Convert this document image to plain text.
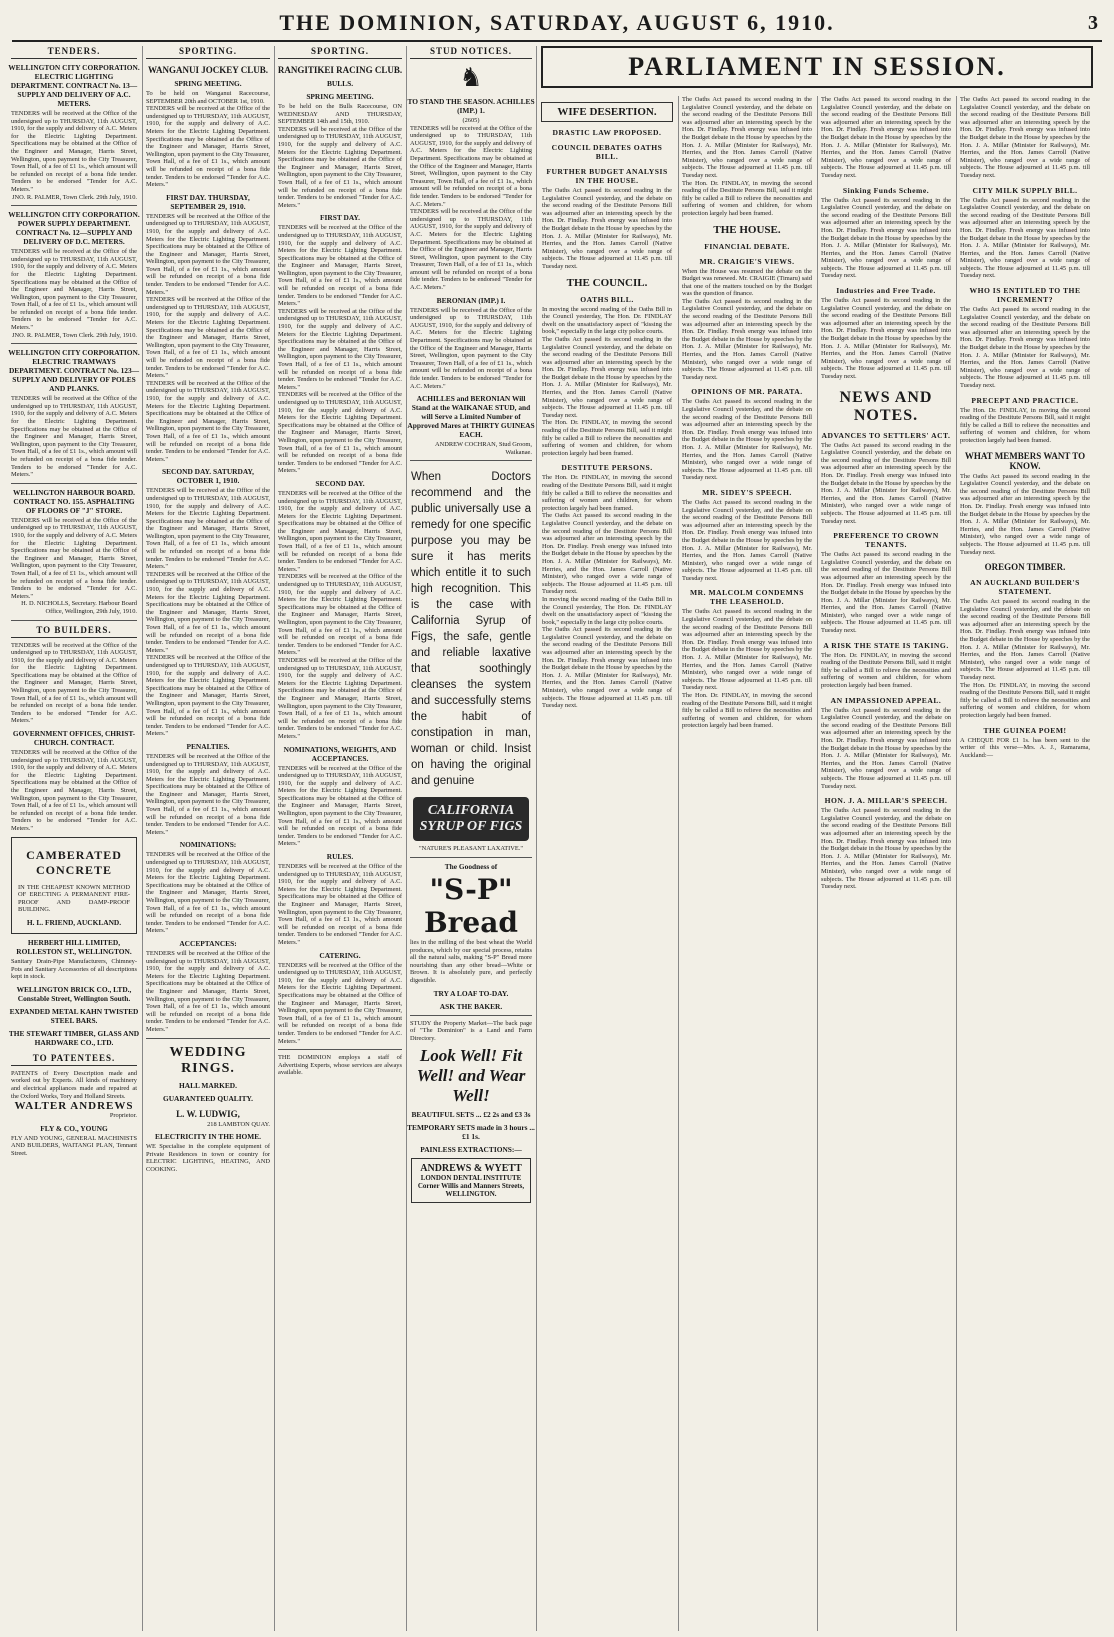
THE DOMINION, SATURDAY, AUGUST 6, 1910.	3
TENDERS.
WELLINGTON CITY CORPORATION. ELECTRIC LIGHTING DEPARTMENT. CONTRACT No. 13—SUPPLY AND DELIVERY OF A.C. METERS.
TENDERS will be received at the Office of the undersigned up to THURSDAY, 11th AUGUST, 1910, for the supply and delivery of A.C. Meters for the Electric Lighting Department. Specifications may be obtained at the Office of the Engineer and Manager, Harris Street, Wellington, upon payment to the City Treasurer, Town Hall, of a fee of £1 1s., which amount will be refunded on receipt of a bona fide tender. Tenders to be endorsed "Tender for A.C. Meters."
JNO. R. PALMER, Town Clerk. 29th July, 1910.
WELLINGTON CITY CORPORATION. POWER SUPPLY DEPARTMENT. CONTRACT No. 12—SUPPLY AND DELIVERY OF D.C. METERS.
TENDERS will be received at the Office of the undersigned up to THURSDAY, 11th AUGUST, 1910, for the supply and delivery of A.C. Meters for the Electric Lighting Department. Specifications may be obtained at the Office of the Engineer and Manager, Harris Street, Wellington, upon payment to the City Treasurer, Town Hall, of a fee of £1 1s., which amount will be refunded on receipt of a bona fide tender. Tenders to be endorsed "Tender for A.C. Meters."
JNO. R. PALMER, Town Clerk. 29th July, 1910.
WELLINGTON CITY CORPORATION. ELECTRIC TRAMWAYS DEPARTMENT. CONTRACT No. 123—SUPPLY AND DELIVERY OF POLES AND PLANKS.
TENDERS will be received at the Office of the undersigned up to THURSDAY, 11th AUGUST, 1910, for the supply and delivery of A.C. Meters for the Electric Lighting Department. Specifications may be obtained at the Office of the Engineer and Manager, Harris Street, Wellington, upon payment to the City Treasurer, Town Hall, of a fee of £1 1s., which amount will be refunded on receipt of a bona fide tender. Tenders to be endorsed "Tender for A.C. Meters."
WELLINGTON HARBOUR BOARD. CONTRACT NO. 155. ASPHALTING OF FLOORS OF "J" STORE.
TENDERS will be received at the Office of the undersigned up to THURSDAY, 11th AUGUST, 1910, for the supply and delivery of A.C. Meters for the Electric Lighting Department. Specifications may be obtained at the Office of the Engineer and Manager, Harris Street, Wellington, upon payment to the City Treasurer, Town Hall, of a fee of £1 1s., which amount will be refunded on receipt of a bona fide tender. Tenders to be endorsed "Tender for A.C. Meters."
H. D. NICHOLLS, Secretary. Harbour Board Office, Wellington, 29th July, 1910.
TO BUILDERS.
TENDERS will be received at the Office of the undersigned up to THURSDAY, 11th AUGUST, 1910, for the supply and delivery of A.C. Meters for the Electric Lighting Department. Specifications may be obtained at the Office of the Engineer and Manager, Harris Street, Wellington, upon payment to the City Treasurer, Town Hall, of a fee of £1 1s., which amount will be refunded on receipt of a bona fide tender. Tenders to be endorsed "Tender for A.C. Meters."
GOVERNMENT OFFICES, CHRIST-CHURCH. CONTRACT.
TENDERS will be received at the Office of the undersigned up to THURSDAY, 11th AUGUST, 1910, for the supply and delivery of A.C. Meters for the Electric Lighting Department. Specifications may be obtained at the Office of the Engineer and Manager, Harris Street, Wellington, upon payment to the City Treasurer, Town Hall, of a fee of £1 1s., which amount will be refunded on receipt of a bona fide tender. Tenders to be endorsed "Tender for A.C. Meters."
CAMBERATED CONCRETE
IN THE CHEAPEST KNOWN METHOD OF ERECTING A PERMANENT FIRE-PROOF AND DAMP-PROOF BUILDING.
H. L. FRIEND, AUCKLAND.
HERBERT HILL LIMITED, ROLLESTON ST., WELLINGTON.
Sanitary Drain-Pipe Manufacturers, Chimney-Pots and Sanitary Accessories of all descriptions kept in stock.
WELLINGTON BRICK CO., LTD., Constable Street, Wellington South.
EXPANDED METAL KAHN TWISTED STEEL BARS.
THE STEWART TIMBER, GLASS AND HARDWARE CO., LTD.
TO PATENTEES.
PATENTS of Every Description made and worked out by Experts. All kinds of machinery and electrical appliances made and repaired at the Oxford Works, Tory and Holland Streets.
WALTER ANDREWS
Proprietor.
FLY & CO., YOUNG
FLY AND YOUNG, GENERAL MACHINISTS AND BUILDERS, WAITANGI PLAN, Tennant Street.
SPORTING.
WANGANUI JOCKEY CLUB.
SPRING MEETING.
To be held on Wanganui Racecourse, SEPTEMBER 20th and OCTOBER 1st, 1910.
TENDERS will be received at the Office of the undersigned up to THURSDAY, 11th AUGUST, 1910, for the supply and delivery of A.C. Meters for the Electric Lighting Department. Specifications may be obtained at the Office of the Engineer and Manager, Harris Street, Wellington, upon payment to the City Treasurer, Town Hall, of a fee of £1 1s., which amount will be refunded on receipt of a bona fide tender. Tenders to be endorsed "Tender for A.C. Meters."
FIRST DAY. THURSDAY, SEPTEMBER 29, 1910.
TENDERS will be received at the Office of the undersigned up to THURSDAY, 11th AUGUST, 1910, for the supply and delivery of A.C. Meters for the Electric Lighting Department. Specifications may be obtained at the Office of the Engineer and Manager, Harris Street, Wellington, upon payment to the City Treasurer, Town Hall, of a fee of £1 1s., which amount will be refunded on receipt of a bona fide tender. Tenders to be endorsed "Tender for A.C. Meters."
TENDERS will be received at the Office of the undersigned up to THURSDAY, 11th AUGUST, 1910, for the supply and delivery of A.C. Meters for the Electric Lighting Department. Specifications may be obtained at the Office of the Engineer and Manager, Harris Street, Wellington, upon payment to the City Treasurer, Town Hall, of a fee of £1 1s., which amount will be refunded on receipt of a bona fide tender. Tenders to be endorsed "Tender for A.C. Meters."
TENDERS will be received at the Office of the undersigned up to THURSDAY, 11th AUGUST, 1910, for the supply and delivery of A.C. Meters for the Electric Lighting Department. Specifications may be obtained at the Office of the Engineer and Manager, Harris Street, Wellington, upon payment to the City Treasurer, Town Hall, of a fee of £1 1s., which amount will be refunded on receipt of a bona fide tender. Tenders to be endorsed "Tender for A.C. Meters."
SECOND DAY. SATURDAY, OCTOBER 1, 1910.
TENDERS will be received at the Office of the undersigned up to THURSDAY, 11th AUGUST, 1910, for the supply and delivery of A.C. Meters for the Electric Lighting Department. Specifications may be obtained at the Office of the Engineer and Manager, Harris Street, Wellington, upon payment to the City Treasurer, Town Hall, of a fee of £1 1s., which amount will be refunded on receipt of a bona fide tender. Tenders to be endorsed "Tender for A.C. Meters."
TENDERS will be received at the Office of the undersigned up to THURSDAY, 11th AUGUST, 1910, for the supply and delivery of A.C. Meters for the Electric Lighting Department. Specifications may be obtained at the Office of the Engineer and Manager, Harris Street, Wellington, upon payment to the City Treasurer, Town Hall, of a fee of £1 1s., which amount will be refunded on receipt of a bona fide tender. Tenders to be endorsed "Tender for A.C. Meters."
TENDERS will be received at the Office of the undersigned up to THURSDAY, 11th AUGUST, 1910, for the supply and delivery of A.C. Meters for the Electric Lighting Department. Specifications may be obtained at the Office of the Engineer and Manager, Harris Street, Wellington, upon payment to the City Treasurer, Town Hall, of a fee of £1 1s., which amount will be refunded on receipt of a bona fide tender. Tenders to be endorsed "Tender for A.C. Meters."
PENALTIES.
TENDERS will be received at the Office of the undersigned up to THURSDAY, 11th AUGUST, 1910, for the supply and delivery of A.C. Meters for the Electric Lighting Department. Specifications may be obtained at the Office of the Engineer and Manager, Harris Street, Wellington, upon payment to the City Treasurer, Town Hall, of a fee of £1 1s., which amount will be refunded on receipt of a bona fide tender. Tenders to be endorsed "Tender for A.C. Meters."
NOMINATIONS:
TENDERS will be received at the Office of the undersigned up to THURSDAY, 11th AUGUST, 1910, for the supply and delivery of A.C. Meters for the Electric Lighting Department. Specifications may be obtained at the Office of the Engineer and Manager, Harris Street, Wellington, upon payment to the City Treasurer, Town Hall, of a fee of £1 1s., which amount will be refunded on receipt of a bona fide tender. Tenders to be endorsed "Tender for A.C. Meters."
ACCEPTANCES:
TENDERS will be received at the Office of the undersigned up to THURSDAY, 11th AUGUST, 1910, for the supply and delivery of A.C. Meters for the Electric Lighting Department. Specifications may be obtained at the Office of the Engineer and Manager, Harris Street, Wellington, upon payment to the City Treasurer, Town Hall, of a fee of £1 1s., which amount will be refunded on receipt of a bona fide tender. Tenders to be endorsed "Tender for A.C. Meters."
WEDDING RINGS.
HALL MARKED.
GUARANTEED QUALITY.
L. W. LUDWIG,
218 LAMBTON QUAY.
ELECTRICITY IN THE HOME.
WE Specialise in the complete equipment of Private Residences in town or country for ELECTRIC LIGHTING, HEATING, AND COOKING.
SPORTING.
RANGITIKEI RACING CLUB.
BULLS.
SPRING MEETING.
To be held on the Bulls Racecourse, ON WEDNESDAY AND THURSDAY, SEPTEMBER 14th and 15th, 1910.
TENDERS will be received at the Office of the undersigned up to THURSDAY, 11th AUGUST, 1910, for the supply and delivery of A.C. Meters for the Electric Lighting Department. Specifications may be obtained at the Office of the Engineer and Manager, Harris Street, Wellington, upon payment to the City Treasurer, Town Hall, of a fee of £1 1s., which amount will be refunded on receipt of a bona fide tender. Tenders to be endorsed "Tender for A.C. Meters."
FIRST DAY.
TENDERS will be received at the Office of the undersigned up to THURSDAY, 11th AUGUST, 1910, for the supply and delivery of A.C. Meters for the Electric Lighting Department. Specifications may be obtained at the Office of the Engineer and Manager, Harris Street, Wellington, upon payment to the City Treasurer, Town Hall, of a fee of £1 1s., which amount will be refunded on receipt of a bona fide tender. Tenders to be endorsed "Tender for A.C. Meters."
TENDERS will be received at the Office of the undersigned up to THURSDAY, 11th AUGUST, 1910, for the supply and delivery of A.C. Meters for the Electric Lighting Department. Specifications may be obtained at the Office of the Engineer and Manager, Harris Street, Wellington, upon payment to the City Treasurer, Town Hall, of a fee of £1 1s., which amount will be refunded on receipt of a bona fide tender. Tenders to be endorsed "Tender for A.C. Meters."
TENDERS will be received at the Office of the undersigned up to THURSDAY, 11th AUGUST, 1910, for the supply and delivery of A.C. Meters for the Electric Lighting Department. Specifications may be obtained at the Office of the Engineer and Manager, Harris Street, Wellington, upon payment to the City Treasurer, Town Hall, of a fee of £1 1s., which amount will be refunded on receipt of a bona fide tender. Tenders to be endorsed "Tender for A.C. Meters."
SECOND DAY.
TENDERS will be received at the Office of the undersigned up to THURSDAY, 11th AUGUST, 1910, for the supply and delivery of A.C. Meters for the Electric Lighting Department. Specifications may be obtained at the Office of the Engineer and Manager, Harris Street, Wellington, upon payment to the City Treasurer, Town Hall, of a fee of £1 1s., which amount will be refunded on receipt of a bona fide tender. Tenders to be endorsed "Tender for A.C. Meters."
TENDERS will be received at the Office of the undersigned up to THURSDAY, 11th AUGUST, 1910, for the supply and delivery of A.C. Meters for the Electric Lighting Department. Specifications may be obtained at the Office of the Engineer and Manager, Harris Street, Wellington, upon payment to the City Treasurer, Town Hall, of a fee of £1 1s., which amount will be refunded on receipt of a bona fide tender. Tenders to be endorsed "Tender for A.C. Meters."
TENDERS will be received at the Office of the undersigned up to THURSDAY, 11th AUGUST, 1910, for the supply and delivery of A.C. Meters for the Electric Lighting Department. Specifications may be obtained at the Office of the Engineer and Manager, Harris Street, Wellington, upon payment to the City Treasurer, Town Hall, of a fee of £1 1s., which amount will be refunded on receipt of a bona fide tender. Tenders to be endorsed "Tender for A.C. Meters."
NOMINATIONS, WEIGHTS, AND ACCEPTANCES.
TENDERS will be received at the Office of the undersigned up to THURSDAY, 11th AUGUST, 1910, for the supply and delivery of A.C. Meters for the Electric Lighting Department. Specifications may be obtained at the Office of the Engineer and Manager, Harris Street, Wellington, upon payment to the City Treasurer, Town Hall, of a fee of £1 1s., which amount will be refunded on receipt of a bona fide tender. Tenders to be endorsed "Tender for A.C. Meters."
RULES.
TENDERS will be received at the Office of the undersigned up to THURSDAY, 11th AUGUST, 1910, for the supply and delivery of A.C. Meters for the Electric Lighting Department. Specifications may be obtained at the Office of the Engineer and Manager, Harris Street, Wellington, upon payment to the City Treasurer, Town Hall, of a fee of £1 1s., which amount will be refunded on receipt of a bona fide tender. Tenders to be endorsed "Tender for A.C. Meters."
CATERING.
TENDERS will be received at the Office of the undersigned up to THURSDAY, 11th AUGUST, 1910, for the supply and delivery of A.C. Meters for the Electric Lighting Department. Specifications may be obtained at the Office of the Engineer and Manager, Harris Street, Wellington, upon payment to the City Treasurer, Town Hall, of a fee of £1 1s., which amount will be refunded on receipt of a bona fide tender. Tenders to be endorsed "Tender for A.C. Meters."
THE DOMINION employs a staff of Advertising Experts, whose services are always available.
STUD NOTICES.
♞
TO STAND THE SEASON. ACHILLES (IMP.) 1.
(2605)
TENDERS will be received at the Office of the undersigned up to THURSDAY, 11th AUGUST, 1910, for the supply and delivery of A.C. Meters for the Electric Lighting Department. Specifications may be obtained at the Office of the Engineer and Manager, Harris Street, Wellington, upon payment to the City Treasurer, Town Hall, of a fee of £1 1s., which amount will be refunded on receipt of a bona fide tender. Tenders to be endorsed "Tender for A.C. Meters."
TENDERS will be received at the Office of the undersigned up to THURSDAY, 11th AUGUST, 1910, for the supply and delivery of A.C. Meters for the Electric Lighting Department. Specifications may be obtained at the Office of the Engineer and Manager, Harris Street, Wellington, upon payment to the City Treasurer, Town Hall, of a fee of £1 1s., which amount will be refunded on receipt of a bona fide tender. Tenders to be endorsed "Tender for A.C. Meters."
BERONIAN (IMP.) I.
TENDERS will be received at the Office of the undersigned up to THURSDAY, 11th AUGUST, 1910, for the supply and delivery of A.C. Meters for the Electric Lighting Department. Specifications may be obtained at the Office of the Engineer and Manager, Harris Street, Wellington, upon payment to the City Treasurer, Town Hall, of a fee of £1 1s., which amount will be refunded on receipt of a bona fide tender. Tenders to be endorsed "Tender for A.C. Meters."
ACHILLES and BERONIAN Will Stand at the WAIKANAE STUD, and will Serve a Limited Number of Approved Mares at THIRTY GUINEAS EACH.
ANDREW COCHRAN, Stud Groom, Waikanae.
When Doctors recommend and the public universally use a remedy for one specific purpose you may be sure it has merits which entitle it to such high recognition. This is the case with California Syrup of Figs, the safe, gentle and reliable laxative that soothingly cleanses the system and successfully stems the habit of constipation in man, woman or child. Insist on having the original and genuine
CALIFORNIA SYRUP OF FIGS
"NATURE'S PLEASANT LAXATIVE."
The Goodness of
"S-P" Bread
lies in the milling of the best wheat the World produces, which by our special process, retains all the natural salts, making "S-P" Bread more nourishing than any other bread—White or Brown. It is absolutely pure, and perfectly digestible.
TRY A LOAF TO-DAY.
ASK THE BAKER.
STUDY the Property Market—The back page of "The Dominion" is a Land and Farm Directory.
Look Well! Fit Well! and Wear Well!
BEAUTIFUL SETS ... £2 2s and £3 3s
TEMPORARY SETS made in 3 hours ... £1 1s.
PAINLESS EXTRACTIONS:—
ANDREWS & WYETT
LONDON DENTAL INSTITUTE
Corner Willis and Manners Streets, WELLINGTON.
PARLIAMENT IN SESSION.
WIFE DESERTION.
DRASTIC LAW PROPOSED.
COUNCIL DEBATES OATHS BILL.
FURTHER BUDGET ANALYSIS IN THE HOUSE.
The Oaths Act passed its second reading in the Legislative Council yesterday, and the debate on the second reading of the Destitute Persons Bill was adjourned after an interesting speech by the Hon. Dr. Findlay. Fresh energy was infused into the Budget debate in the House by speeches by the Hon. J. A. Millar (Minister for Railways), Mr. Herries, and the Hon. James Carroll (Native Minister), who ranged over a wide range of subjects. The House adjourned at 11.45 p.m. till Tuesday next.
THE COUNCIL.
OATHS BILL.
In moving the second reading of the Oaths Bill in the Council yesterday, The Hon. Dr. FINDLAY dwelt on the unsatisfactory aspect of "kissing the book," especially in the large city police courts.
The Oaths Act passed its second reading in the Legislative Council yesterday, and the debate on the second reading of the Destitute Persons Bill was adjourned after an interesting speech by the Hon. Dr. Findlay. Fresh energy was infused into the Budget debate in the House by speeches by the Hon. J. A. Millar (Minister for Railways), Mr. Herries, and the Hon. James Carroll (Native Minister), who ranged over a wide range of subjects. The House adjourned at 11.45 p.m. till Tuesday next.
The Hon. Dr. FINDLAY, in moving the second reading of the Destitute Persons Bill, said it might fitly be called a Bill to relieve the necessities and suffering of women and children, for whom protection largely had been framed.
DESTITUTE PERSONS.
The Hon. Dr. FINDLAY, in moving the second reading of the Destitute Persons Bill, said it might fitly be called a Bill to relieve the necessities and suffering of women and children, for whom protection largely had been framed.
The Oaths Act passed its second reading in the Legislative Council yesterday, and the debate on the second reading of the Destitute Persons Bill was adjourned after an interesting speech by the Hon. Dr. Findlay. Fresh energy was infused into the Budget debate in the House by speeches by the Hon. J. A. Millar (Minister for Railways), Mr. Herries, and the Hon. James Carroll (Native Minister), who ranged over a wide range of subjects. The House adjourned at 11.45 p.m. till Tuesday next.
In moving the second reading of the Oaths Bill in the Council yesterday, The Hon. Dr. FINDLAY dwelt on the unsatisfactory aspect of "kissing the book," especially in the large city police courts.
The Oaths Act passed its second reading in the Legislative Council yesterday, and the debate on the second reading of the Destitute Persons Bill was adjourned after an interesting speech by the Hon. Dr. Findlay. Fresh energy was infused into the Budget debate in the House by speeches by the Hon. J. A. Millar (Minister for Railways), Mr. Herries, and the Hon. James Carroll (Native Minister), who ranged over a wide range of subjects. The House adjourned at 11.45 p.m. till Tuesday next.
The Oaths Act passed its second reading in the Legislative Council yesterday, and the debate on the second reading of the Destitute Persons Bill was adjourned after an interesting speech by the Hon. Dr. Findlay. Fresh energy was infused into the Budget debate in the House by speeches by the Hon. J. A. Millar (Minister for Railways), Mr. Herries, and the Hon. James Carroll (Native Minister), who ranged over a wide range of subjects. The House adjourned at 11.45 p.m. till Tuesday next.
The Hon. Dr. FINDLAY, in moving the second reading of the Destitute Persons Bill, said it might fitly be called a Bill to relieve the necessities and suffering of women and children, for whom protection largely had been framed.
THE HOUSE.
FINANCIAL DEBATE.
MR. CRAIGIE'S VIEWS.
When the House was resumed the debate on the Budget was renewed. Mr. CRAIGIE (Timaru) said that one of the matters touched on by the Budget was the question of finance.
The Oaths Act passed its second reading in the Legislative Council yesterday, and the debate on the second reading of the Destitute Persons Bill was adjourned after an interesting speech by the Hon. Dr. Findlay. Fresh energy was infused into the Budget debate in the House by speeches by the Hon. J. A. Millar (Minister for Railways), Mr. Herries, and the Hon. James Carroll (Native Minister), who ranged over a wide range of subjects. The House adjourned at 11.45 p.m. till Tuesday next.
OPINIONS OF MR. PARATA.
The Oaths Act passed its second reading in the Legislative Council yesterday, and the debate on the second reading of the Destitute Persons Bill was adjourned after an interesting speech by the Hon. Dr. Findlay. Fresh energy was infused into the Budget debate in the House by speeches by the Hon. J. A. Millar (Minister for Railways), Mr. Herries, and the Hon. James Carroll (Native Minister), who ranged over a wide range of subjects. The House adjourned at 11.45 p.m. till Tuesday next.
MR. SIDEY'S SPEECH.
The Oaths Act passed its second reading in the Legislative Council yesterday, and the debate on the second reading of the Destitute Persons Bill was adjourned after an interesting speech by the Hon. Dr. Findlay. Fresh energy was infused into the Budget debate in the House by speeches by the Hon. J. A. Millar (Minister for Railways), Mr. Herries, and the Hon. James Carroll (Native Minister), who ranged over a wide range of subjects. The House adjourned at 11.45 p.m. till Tuesday next.
MR. MALCOLM CONDEMNS THE LEASEHOLD.
The Oaths Act passed its second reading in the Legislative Council yesterday, and the debate on the second reading of the Destitute Persons Bill was adjourned after an interesting speech by the Hon. Dr. Findlay. Fresh energy was infused into the Budget debate in the House by speeches by the Hon. J. A. Millar (Minister for Railways), Mr. Herries, and the Hon. James Carroll (Native Minister), who ranged over a wide range of subjects. The House adjourned at 11.45 p.m. till Tuesday next.
The Hon. Dr. FINDLAY, in moving the second reading of the Destitute Persons Bill, said it might fitly be called a Bill to relieve the necessities and suffering of women and children, for whom protection largely had been framed.
The Oaths Act passed its second reading in the Legislative Council yesterday, and the debate on the second reading of the Destitute Persons Bill was adjourned after an interesting speech by the Hon. Dr. Findlay. Fresh energy was infused into the Budget debate in the House by speeches by the Hon. J. A. Millar (Minister for Railways), Mr. Herries, and the Hon. James Carroll (Native Minister), who ranged over a wide range of subjects. The House adjourned at 11.45 p.m. till Tuesday next.
Sinking Funds Scheme.
The Oaths Act passed its second reading in the Legislative Council yesterday, and the debate on the second reading of the Destitute Persons Bill was adjourned after an interesting speech by the Hon. Dr. Findlay. Fresh energy was infused into the Budget debate in the House by speeches by the Hon. J. A. Millar (Minister for Railways), Mr. Herries, and the Hon. James Carroll (Native Minister), who ranged over a wide range of subjects. The House adjourned at 11.45 p.m. till Tuesday next.
Industries and Free Trade.
The Oaths Act passed its second reading in the Legislative Council yesterday, and the debate on the second reading of the Destitute Persons Bill was adjourned after an interesting speech by the Hon. Dr. Findlay. Fresh energy was infused into the Budget debate in the House by speeches by the Hon. J. A. Millar (Minister for Railways), Mr. Herries, and the Hon. James Carroll (Native Minister), who ranged over a wide range of subjects. The House adjourned at 11.45 p.m. till Tuesday next.
NEWS AND NOTES.
ADVANCES TO SETTLERS' ACT.
The Oaths Act passed its second reading in the Legislative Council yesterday, and the debate on the second reading of the Destitute Persons Bill was adjourned after an interesting speech by the Hon. Dr. Findlay. Fresh energy was infused into the Budget debate in the House by speeches by the Hon. J. A. Millar (Minister for Railways), Mr. Herries, and the Hon. James Carroll (Native Minister), who ranged over a wide range of subjects. The House adjourned at 11.45 p.m. till Tuesday next.
PREFERENCE TO CROWN TENANTS.
The Oaths Act passed its second reading in the Legislative Council yesterday, and the debate on the second reading of the Destitute Persons Bill was adjourned after an interesting speech by the Hon. Dr. Findlay. Fresh energy was infused into the Budget debate in the House by speeches by the Hon. J. A. Millar (Minister for Railways), Mr. Herries, and the Hon. James Carroll (Native Minister), who ranged over a wide range of subjects. The House adjourned at 11.45 p.m. till Tuesday next.
A RISK THE STATE IS TAKING.
The Hon. Dr. FINDLAY, in moving the second reading of the Destitute Persons Bill, said it might fitly be called a Bill to relieve the necessities and suffering of women and children, for whom protection largely had been framed.
AN IMPASSIONED APPEAL.
The Oaths Act passed its second reading in the Legislative Council yesterday, and the debate on the second reading of the Destitute Persons Bill was adjourned after an interesting speech by the Hon. Dr. Findlay. Fresh energy was infused into the Budget debate in the House by speeches by the Hon. J. A. Millar (Minister for Railways), Mr. Herries, and the Hon. James Carroll (Native Minister), who ranged over a wide range of subjects. The House adjourned at 11.45 p.m. till Tuesday next.
HON. J. A. MILLAR'S SPEECH.
The Oaths Act passed its second reading in the Legislative Council yesterday, and the debate on the second reading of the Destitute Persons Bill was adjourned after an interesting speech by the Hon. Dr. Findlay. Fresh energy was infused into the Budget debate in the House by speeches by the Hon. J. A. Millar (Minister for Railways), Mr. Herries, and the Hon. James Carroll (Native Minister), who ranged over a wide range of subjects. The House adjourned at 11.45 p.m. till Tuesday next.
The Oaths Act passed its second reading in the Legislative Council yesterday, and the debate on the second reading of the Destitute Persons Bill was adjourned after an interesting speech by the Hon. Dr. Findlay. Fresh energy was infused into the Budget debate in the House by speeches by the Hon. J. A. Millar (Minister for Railways), Mr. Herries, and the Hon. James Carroll (Native Minister), who ranged over a wide range of subjects. The House adjourned at 11.45 p.m. till Tuesday next.
CITY MILK SUPPLY BILL.
The Oaths Act passed its second reading in the Legislative Council yesterday, and the debate on the second reading of the Destitute Persons Bill was adjourned after an interesting speech by the Hon. Dr. Findlay. Fresh energy was infused into the Budget debate in the House by speeches by the Hon. J. A. Millar (Minister for Railways), Mr. Herries, and the Hon. James Carroll (Native Minister), who ranged over a wide range of subjects. The House adjourned at 11.45 p.m. till Tuesday next.
WHO IS ENTITLED TO THE INCREMENT?
The Oaths Act passed its second reading in the Legislative Council yesterday, and the debate on the second reading of the Destitute Persons Bill was adjourned after an interesting speech by the Hon. Dr. Findlay. Fresh energy was infused into the Budget debate in the House by speeches by the Hon. J. A. Millar (Minister for Railways), Mr. Herries, and the Hon. James Carroll (Native Minister), who ranged over a wide range of subjects. The House adjourned at 11.45 p.m. till Tuesday next.
PRECEPT AND PRACTICE.
The Hon. Dr. FINDLAY, in moving the second reading of the Destitute Persons Bill, said it might fitly be called a Bill to relieve the necessities and suffering of women and children, for whom protection largely had been framed.
WHAT MEMBERS WANT TO KNOW.
The Oaths Act passed its second reading in the Legislative Council yesterday, and the debate on the second reading of the Destitute Persons Bill was adjourned after an interesting speech by the Hon. Dr. Findlay. Fresh energy was infused into the Budget debate in the House by speeches by the Hon. J. A. Millar (Minister for Railways), Mr. Herries, and the Hon. James Carroll (Native Minister), who ranged over a wide range of subjects. The House adjourned at 11.45 p.m. till Tuesday next.
OREGON TIMBER.
AN AUCKLAND BUILDER'S STATEMENT.
The Oaths Act passed its second reading in the Legislative Council yesterday, and the debate on the second reading of the Destitute Persons Bill was adjourned after an interesting speech by the Hon. Dr. Findlay. Fresh energy was infused into the Budget debate in the House by speeches by the Hon. J. A. Millar (Minister for Railways), Mr. Herries, and the Hon. James Carroll (Native Minister), who ranged over a wide range of subjects. The House adjourned at 11.45 p.m. till Tuesday next.
The Hon. Dr. FINDLAY, in moving the second reading of the Destitute Persons Bill, said it might fitly be called a Bill to relieve the necessities and suffering of women and children, for whom protection largely had been framed.
THE GUINEA POEM!
A CHEQUE FOR £1 1s. has been sent to the writer of this verse—Mrs. A. J., Ramarama, Auckland:—
